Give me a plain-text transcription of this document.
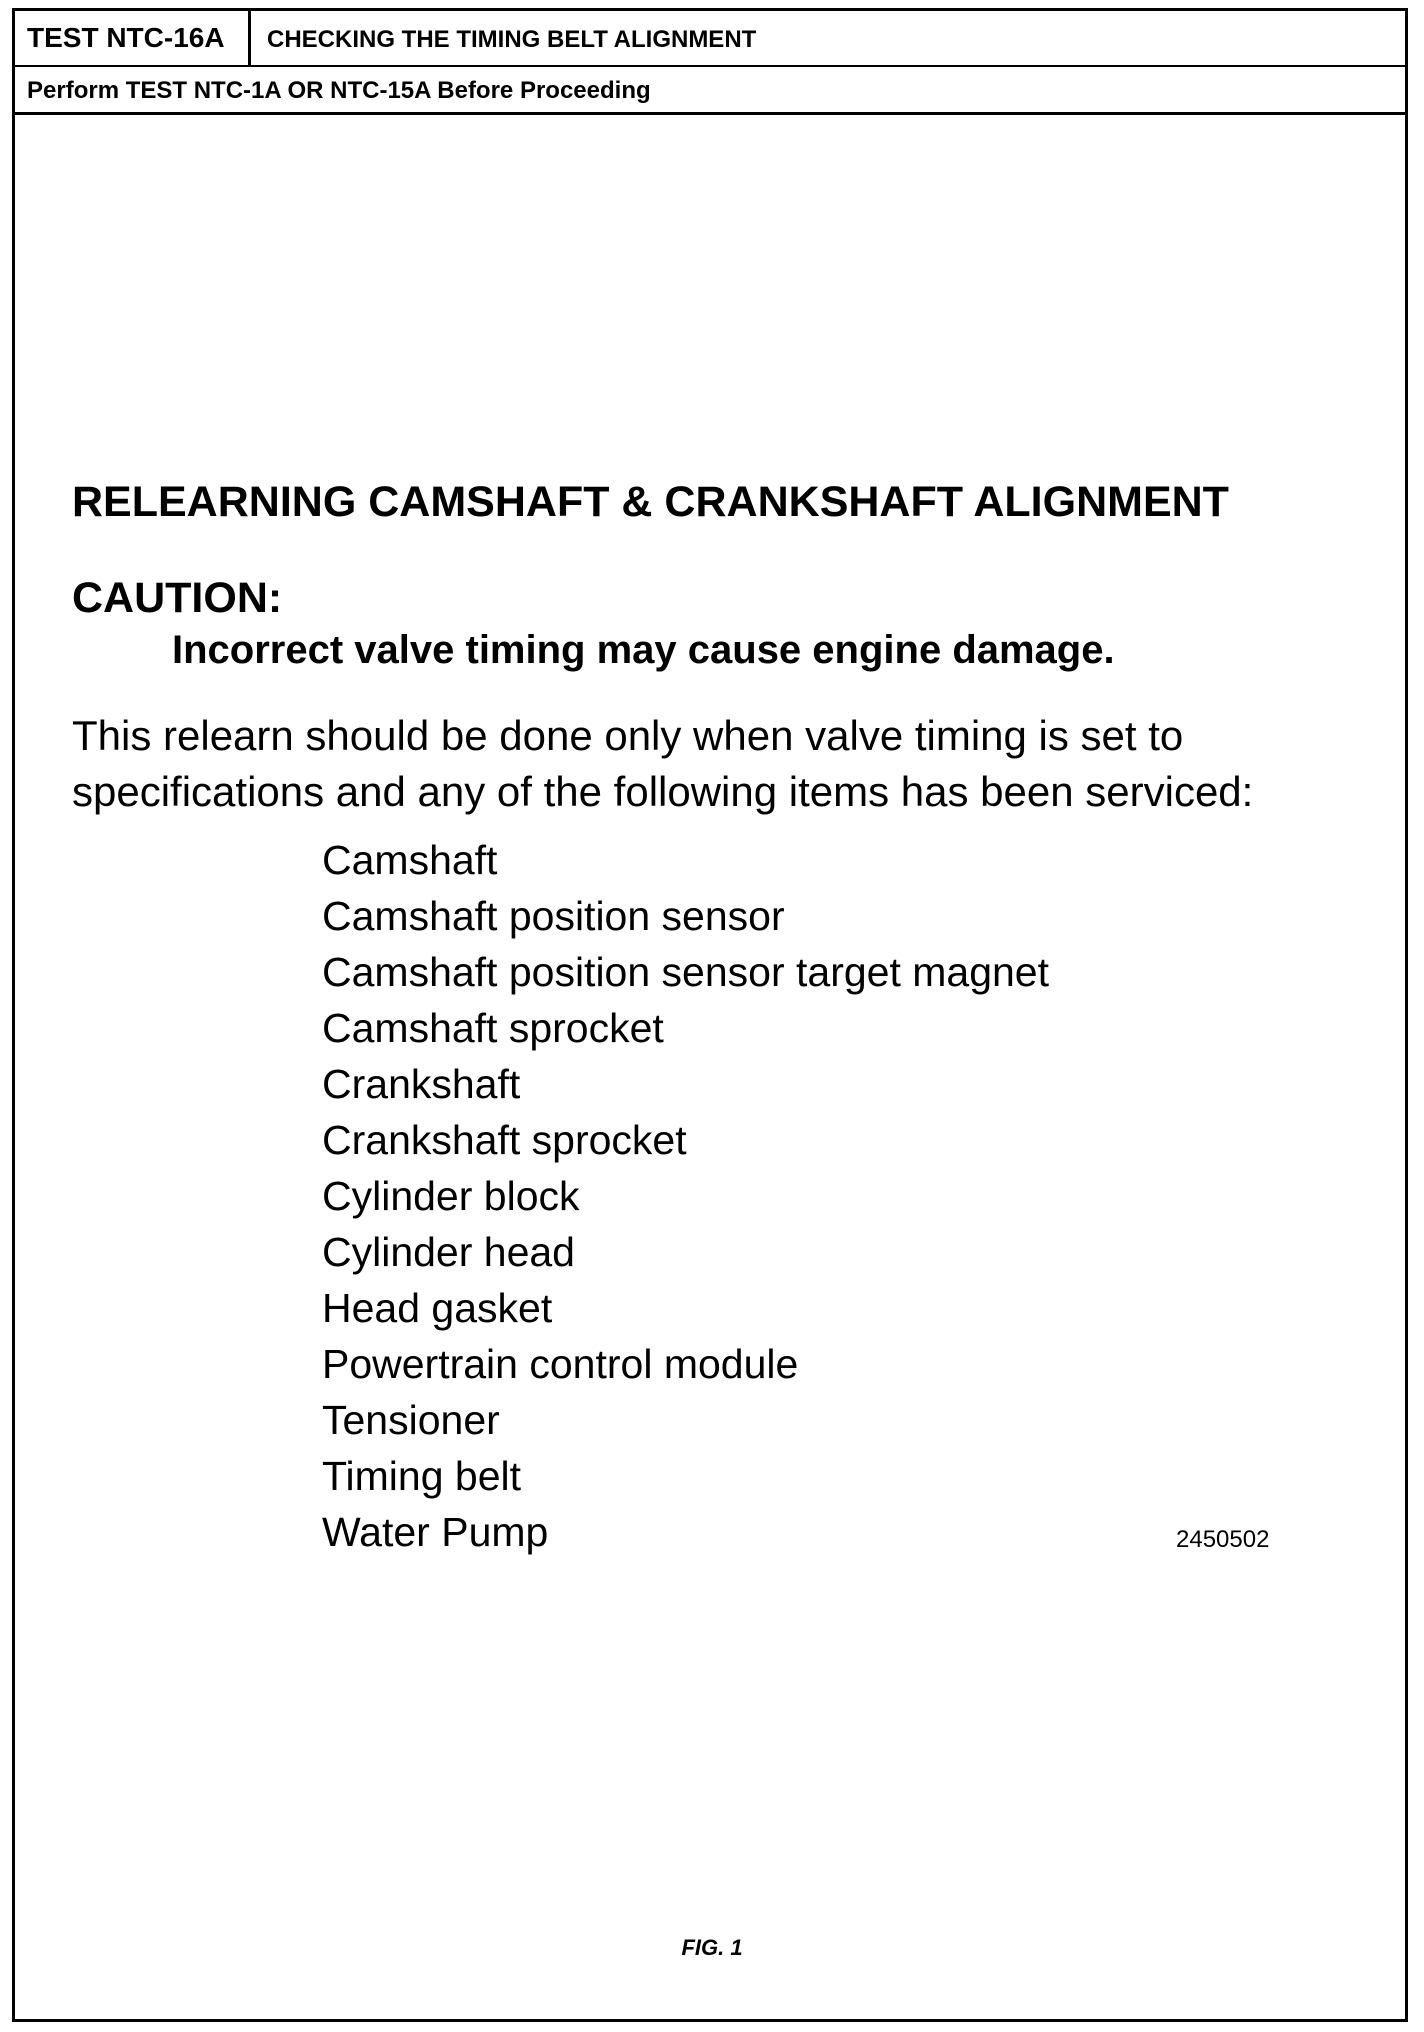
TEST NTC-16A	CHECKING THE TIMING BELT ALIGNMENT
Perform TEST NTC-1A OR NTC-15A Before Proceeding
RELEARNING CAMSHAFT & CRANKSHAFT ALIGNMENT
CAUTION:
Incorrect valve timing may cause engine damage.
This relearn should be done only when valve timing is set to specifications and any of the following items has been serviced:
Camshaft
Camshaft position sensor
Camshaft position sensor target magnet
Camshaft sprocket
Crankshaft
Crankshaft sprocket
Cylinder block
Cylinder head
Head gasket
Powertrain control module
Tensioner
Timing belt
Water Pump	2450502
FIG. 1
